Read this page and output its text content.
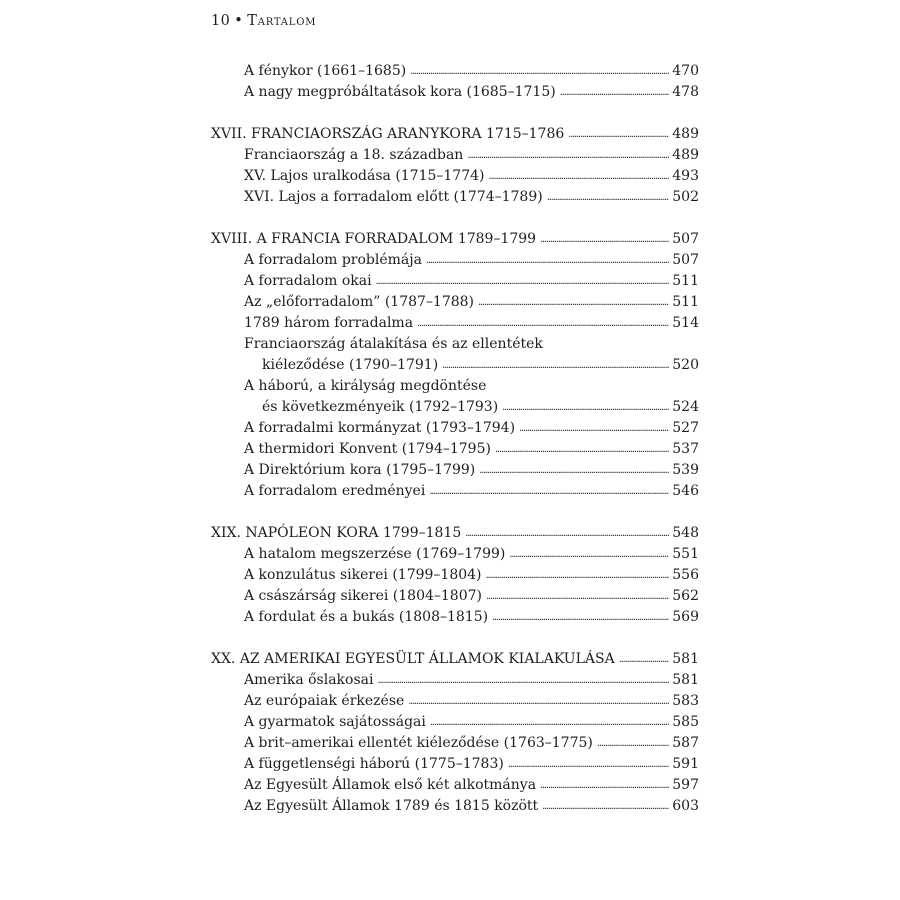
10 • Tartalom
A fénykor (1661–1685) . . .	470
A nagy megpróbáltatások kora (1685–1715) . . .	478
XVII. FRANCIAORSZÁG ARANYKORA 1715–1786 . . .	489
Franciaország a 18. században . . .	489
XV. Lajos uralkodása (1715–1774) . . .	493
XVI. Lajos a forradalom előtt (1774–1789) . . .	502
XVIII. A FRANCIA FORRADALOM 1789–1799 . . .	507
A forradalom problémája . . .	507
A forradalom okai . . .	511
Az „előforradalom” (1787–1788) . . .	511
1789 három forradalma . . .	514
Franciaország átalakítása és az ellentétek
kiéleződése (1790–1791) . . .	520
A háború, a királyság megdöntése
és következményeik (1792–1793) . . .	524
A forradalmi kormányzat (1793–1794) . . .	527
A thermidori Konvent (1794–1795) . . .	537
A Direktórium kora (1795–1799) . . .	539
A forradalom eredményei . . .	546
XIX. NAPÓLEON KORA 1799–1815 . . .	548
A hatalom megszerzése (1769–1799) . . .	551
A konzulátus sikerei (1799–1804) . . .	556
A császárság sikerei (1804–1807) . . .	562
A fordulat és a bukás (1808–1815) . . .	569
XX. AZ AMERIKAI EGYESÜLT ÁLLAMOK KIALAKULÁSA . . .	581
Amerika őslakosai . . .	581
Az európaiak érkezése . . .	583
A gyarmatok sajátosságai . . .	585
A brit–amerikai ellentét kiéleződése (1763–1775) . . .	587
A függetlenségi háború (1775–1783) . . .	591
Az Egyesült Államok első két alkotmánya . . .	597
Az Egyesült Államok 1789 és 1815 között . . .	603
